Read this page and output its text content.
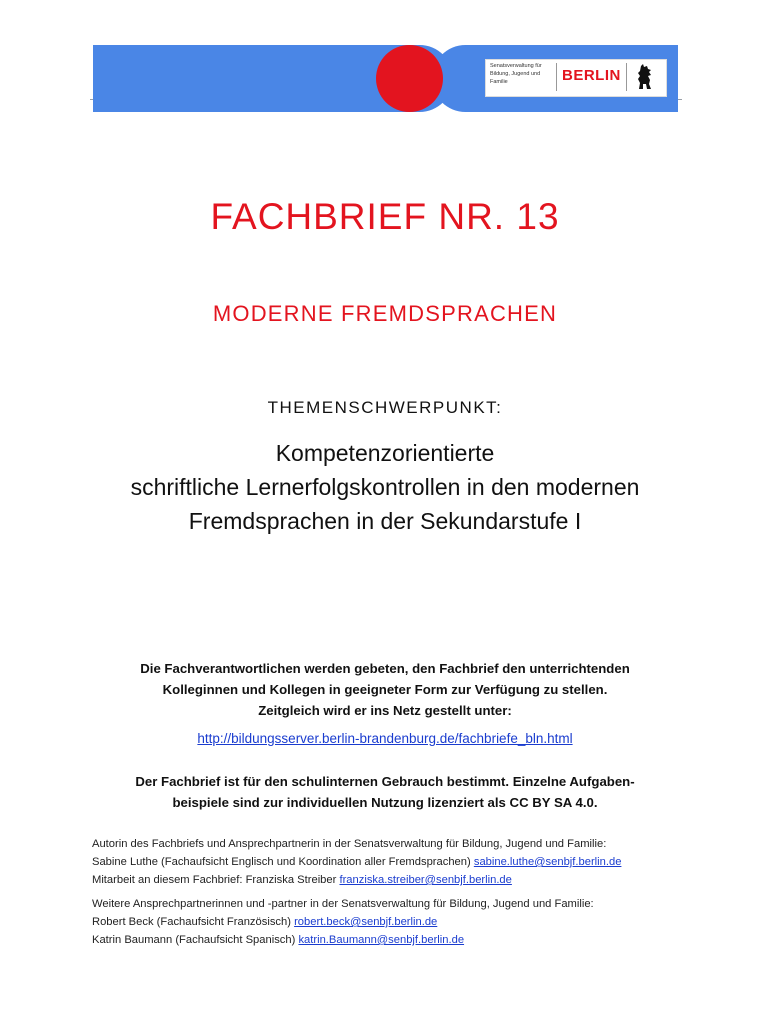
Senatsverwaltung für Bildung, Jugend und Familie	BERLIN
FACHBRIEF NR. 13
MODERNE FREMDSPRACHEN
THEMENSCHWERPUNKT:
Kompetenzorientierte
schriftliche Lernerfolgskontrollen in den modernen
Fremdsprachen in der Sekundarstufe I
Die Fachverantwortlichen werden gebeten, den Fachbrief den unterrichtenden
Kolleginnen und Kollegen in geeigneter Form zur Verfügung zu stellen.
Zeitgleich wird er ins Netz gestellt unter:
http://bildungsserver.berlin-brandenburg.de/fachbriefe_bln.html
Der Fachbrief ist für den schulinternen Gebrauch bestimmt. Einzelne Aufgaben-
beispiele sind zur individuellen Nutzung lizenziert als CC BY SA 4.0.
Autorin des Fachbriefs und Ansprechpartnerin in der Senatsverwaltung für Bildung, Jugend und Familie:
Sabine Luthe (Fachaufsicht Englisch und Koordination aller Fremdsprachen) sabine.luthe@senbjf.berlin.de
Mitarbeit an diesem Fachbrief: Franziska Streiber franziska.streiber@senbjf.berlin.de
Weitere Ansprechpartnerinnen und -partner in der Senatsverwaltung für Bildung, Jugend und Familie:
Robert Beck (Fachaufsicht Französisch) robert.beck@senbjf.berlin.de
Katrin Baumann (Fachaufsicht Spanisch) katrin.Baumann@senbjf.berlin.de
